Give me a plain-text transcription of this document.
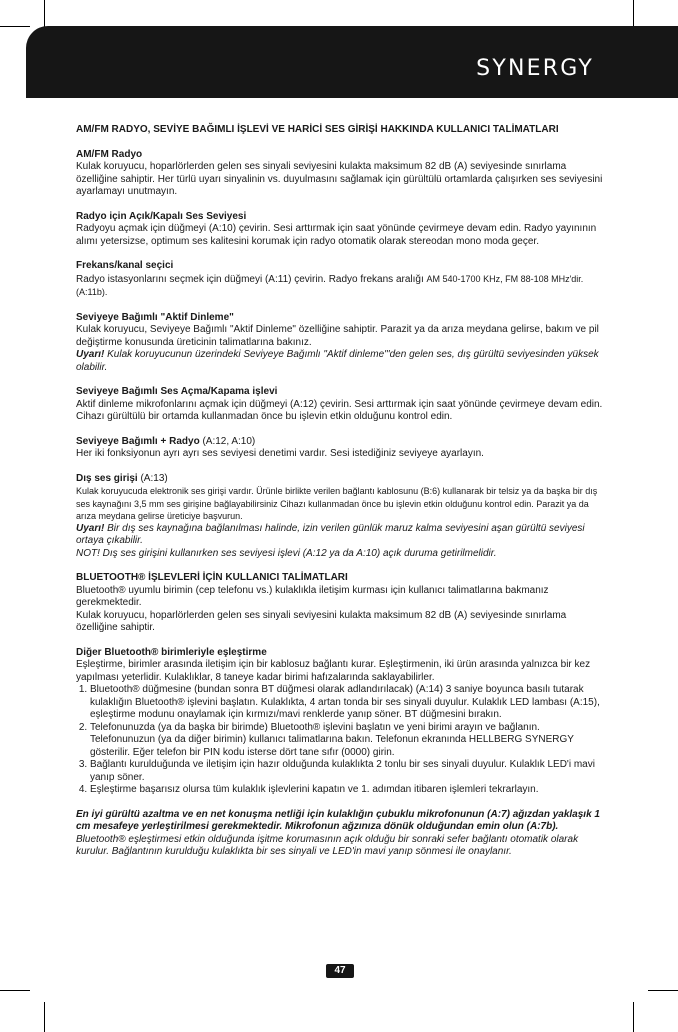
SYNERGY
AM/FM RADYO, SEVİYE BAĞIMLI İŞLEVİ VE HARİCİ SES GİRİŞİ HAKKINDA KULLANICI TALİMATLARI
AM/FM Radyo

Kulak koruyucu, hoparlörlerden gelen ses sinyali seviyesini kulakta maksimum 82 dB (A) seviyesinde sınırlama özelliğine sahiptir. Her türlü uyarı sinyalinin vs. duyulmasını sağlamak için gürültülü ortamlarda çalışırken ses seviyesini ayarlamayı unutmayın.

Radyo için Açık/Kapalı Ses Seviyesi

Radyoyu açmak için düğmeyi (A:10) çevirin. Sesi arttırmak için saat yönünde çevirmeye devam edin. Radyo yayınının alımı yetersizse, optimum ses kalitesini korumak için radyo otomatik olarak stereodan mono moda geçer.

Frekans/kanal seçici

Radyo istasyonlarını seçmek için düğmeyi (A:11) çevirin. Radyo frekans aralığı AM 540-1700 KHz, FM 88-108 MHz'dir. (A:11b).

Seviyeye Bağımlı "Aktif Dinleme"

Kulak koruyucu, Seviyeye Bağımlı "Aktif Dinleme" özelliğine sahiptir. Parazit ya da arıza meydana gelirse, bakım ve pil değiştirme konusunda üreticinin talimatlarına bakınız.

Uyarı! Kulak koruyucunun üzerindeki Seviyeye Bağımlı "Aktif dinleme"'den gelen ses, dış gürültü seviyesinden yüksek olabilir.

Seviyeye Bağımlı Ses Açma/Kapama işlevi

Aktif dinleme mikrofonlarını açmak için düğmeyi (A:12) çevirin. Sesi arttırmak için saat yönünde çevirmeye devam edin. Cihazı gürültülü bir ortamda kullanmadan önce bu işlevin etkin olduğunu kontrol edin.

Seviyeye Bağımlı + Radyo (A:12, A:10)

Her iki fonksiyonun ayrı ayrı ses seviyesi denetimi vardır. Sesi istediğiniz seviyeye ayarlayın.

Dış ses girişi (A:13)

Kulak koruyucuda elektronik ses girişi vardır. Ürünle birlikte verilen bağlantı kablosunu (B:6) kullanarak bir telsiz ya da başka bir dış ses kaynağını 3,5 mm ses girişine bağlayabilirsiniz Cihazı kullanmadan önce bu işlevin etkin olduğunu kontrol edin. Parazit ya da arıza meydana gelirse üreticiye başvurun.

Uyarı! Bir dış ses kaynağına bağlanılması halinde, izin verilen günlük maruz kalma seviyesini aşan gürültü seviyesi ortaya çıkabilir.

NOT! Dış ses girişini kullanırken ses seviyesi işlevi (A:12 ya da A:10) açık duruma getirilmelidir.

BLUETOOTH® İŞLEVLERİ İÇİN KULLANICI TALİMATLARI

Bluetooth® uyumlu birimin (cep telefonu vs.) kulaklıkla iletişim kurması için kullanıcı talimatlarına bakmanız gerekmektedir.

Kulak koruyucu, hoparlörlerden gelen ses sinyali seviyesini kulakta maksimum 82 dB (A) seviyesinde sınırlama özelliğine sahiptir.

Diğer Bluetooth® birimleriyle eşleştirme

Eşleştirme, birimler arasında iletişim için bir kablosuz bağlantı kurar. Eşleştirmenin, iki ürün arasında yalnızca bir kez yapılması yeterlidir. Kulaklıklar, 8 taneye kadar birimi hafızalarında saklayabilirler.

1. Bluetooth® düğmesine (bundan sonra BT düğmesi olarak adlandırılacak) (A:14) 3 saniye boyunca basılı tutarak kulaklığın Bluetooth® işlevini başlatın. Kulaklıkta, 4 artan tonda bir ses sinyali duyulur. Kulaklık LED lambası (A:15), eşleştirme modunu onaylamak için kırmızı/mavi renklerde yanıp söner. BT düğmesini bırakın.
2. Telefonunuzda (ya da başka bir birimde) Bluetooth® işlevini başlatın ve yeni birimi arayın ve bağlanın. Telefonunuzun (ya da diğer birimin) kullanıcı talimatlarına bakın. Telefonun ekranında HELLBERG SYNERGY gösterilir. Eğer telefon bir PIN kodu isterse dört tane sıfır (0000) girin.
3. Bağlantı kurulduğunda ve iletişim için hazır olduğunda kulaklıkta 2 tonlu bir ses sinyali duyulur. Kulaklık LED'i mavi yanıp söner.
4. Eşleştirme başarısız olursa tüm kulaklık işlevlerini kapatın ve 1. adımdan itibaren işlemleri tekrarlayın.

En iyi gürültü azaltma ve en net konuşma netliği için kulaklığın çubuklu mikrofonunun (A:7) ağızdan yaklaşık 1 cm mesafeye yerleştirilmesi gerekmektedir. Mikrofonun ağzınıza dönük olduğundan emin olun (A:7b).

Bluetooth® eşleştirmesi etkin olduğunda işitme korumasının açık olduğu bir sonraki sefer bağlantı otomatik olarak kurulur. Bağlantının kurulduğu kulaklıkta bir ses sinyali ve LED'in mavi yanıp sönmesi ile onaylanır.

47
